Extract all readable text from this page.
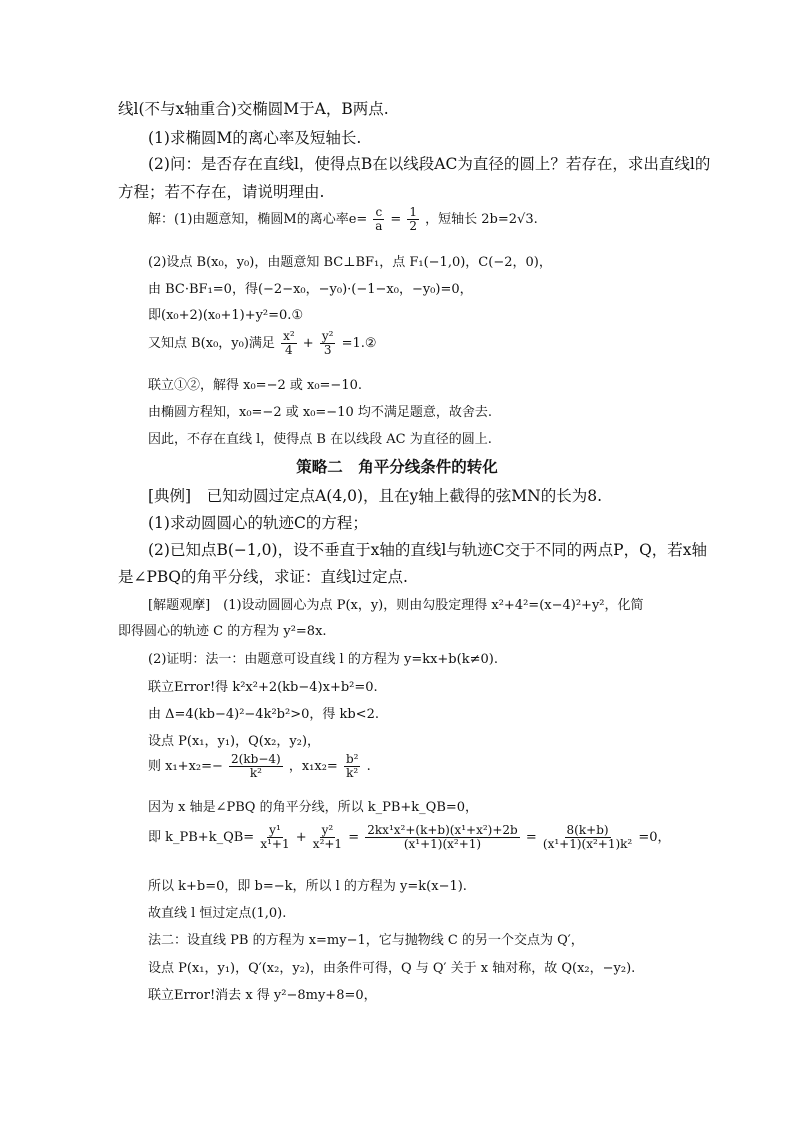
线l(不与x轴重合)交椭圆M于A，B两点.
(1)求椭圆M的离心率及短轴长.
(2)问：是否存在直线l，使得点B在以线段AC为直径的圆上？若存在，求出直线l的
方程；若不存在，请说明理由.
解：(1)由题意知，椭圆M的离心率$e= \frac{c}{a} = \frac{1}{2}$ ，短轴长 2b=2√3.
(2)设点 B(x₀，y₀)，由题意知 BC⊥BF₁，点 F₁(−1,0)，C(−2，0)，
由 BC·BF₁=0，得(−2−x₀，−y₀)·(−1−x₀，−y₀)=0，
即(x₀+2)(x₀+1)+y²=0.①
又知点 B(x₀，y₀)满足 $\frac{\text{x²}}{4} + \frac{\text{y²}}{3}$ =1.②
联立①②，解得 x₀=−2 或 x₀=−10.
由椭圆方程知，x₀=−2 或 x₀=−10 均不满足题意，故舍去.
因此，不存在直线 l，使得点 B 在以线段 AC 为直径的圆上.
策略二　角平分线条件的转化
[典例]　已知动圆过定点A(4,0)，且在y轴上截得的弦MN的长为8.
(1)求动圆圆心的轨迹C的方程；
(2)已知点B(−1,0)，设不垂直于x轴的直线l与轨迹C交于不同的两点P，Q，若x轴
是∠PBQ的角平分线，求证：直线l过定点.
[解题观摩]　(1)设动圆圆心为点 P(x，y)，则由勾股定理得 x²+4²=(x−4)²+y²，化简
即得圆心的轨迹 C 的方程为 y²=8x.
(2)证明：法一：由题意可设直线 l 的方程为 y=kx+b(k≠0).
联立Error!得 k²x²+2(kb−4)x+b²=0.
由 Δ=4(kb−4)²−4k²b²>0，得 kb<2.
设点 P(x₁，y₁)，Q(x₂，y₂)，
则 $x_1+x_2=- \frac{2(kb-4)}{\text{k²}}$ ，$x_1x_2= \frac{\text{b²}}{\text{k²}}$ .
因为 x 轴是∠PBQ 的角平分线，所以 k_PB+k_QB=0，
即 k_PB+k_QB= $\frac{\text{y¹}}{\text{x¹+1}} + \frac{\text{y²}}{\text{x²+1}} = \frac{\text{2kx¹x²+(k+b)(x¹+x²)+2b}}{\text{(x¹+1)(x²+1)}} = \frac{8(k+b)}{\text{(x¹+1)(x²+1)k²}} =0$，
所以 k+b=0，即 b=−k，所以 l 的方程为 y=k(x−1).
故直线 l 恒过定点(1,0).
法二：设直线 PB 的方程为 x=my−1，它与抛物线 C 的另一个交点为 Q′，
设点 P(x₁，y₁)，Q′(x₂，y₂)，由条件可得，Q 与 Q′ 关于 x 轴对称，故 Q(x₂，−y₂).
联立Error!消去 x 得 y²−8my+8=0，
